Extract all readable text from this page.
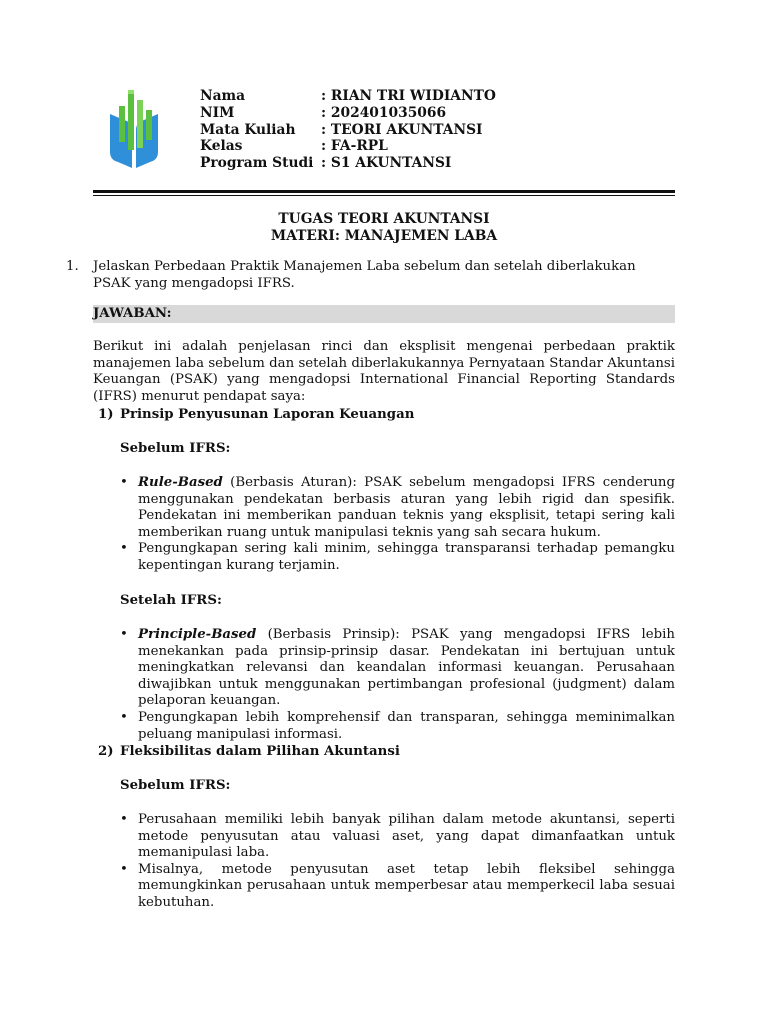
Nama	: RIAN TRI WIDIANTO
NIM	: 202401035066
Mata Kuliah	: TEORI AKUNTANSI
Kelas	: FA-RPL
Program Studi : S1 AKUNTANSI
TUGAS TEORI AKUNTANSI
MATERI: MANAJEMEN LABA
1. Jelaskan Perbedaan Praktik Manajemen Laba sebelum dan setelah diberlakukan PSAK yang mengadopsi IFRS.
JAWABAN:
Berikut ini adalah penjelasan rinci dan eksplisit mengenai perbedaan praktik manajemen laba sebelum dan setelah diberlakukannya Pernyataan Standar Akuntansi Keuangan (PSAK) yang mengadopsi International Financial Reporting Standards (IFRS) menurut pendapat saya:
1) Prinsip Penyusunan Laporan Keuangan
Sebelum IFRS:
• Rule-Based (Berbasis Aturan): PSAK sebelum mengadopsi IFRS cenderung menggunakan pendekatan berbasis aturan yang lebih rigid dan spesifik. Pendekatan ini memberikan panduan teknis yang eksplisit, tetapi sering kali memberikan ruang untuk manipulasi teknis yang sah secara hukum.
• Pengungkapan sering kali minim, sehingga transparansi terhadap pemangku kepentingan kurang terjamin.
Setelah IFRS:
• Principle-Based (Berbasis Prinsip): PSAK yang mengadopsi IFRS lebih menekankan pada prinsip-prinsip dasar. Pendekatan ini bertujuan untuk meningkatkan relevansi dan keandalan informasi keuangan. Perusahaan diwajibkan untuk menggunakan pertimbangan profesional (judgment) dalam pelaporan keuangan.
• Pengungkapan lebih komprehensif dan transparan, sehingga meminimalkan peluang manipulasi informasi.
2) Fleksibilitas dalam Pilihan Akuntansi
Sebelum IFRS:
• Perusahaan memiliki lebih banyak pilihan dalam metode akuntansi, seperti metode penyusutan atau valuasi aset, yang dapat dimanfaatkan untuk memanipulasi laba.
• Misalnya, metode penyusutan aset tetap lebih fleksibel sehingga memungkinkan perusahaan untuk memperbesar atau memperkecil laba sesuai kebutuhan.
